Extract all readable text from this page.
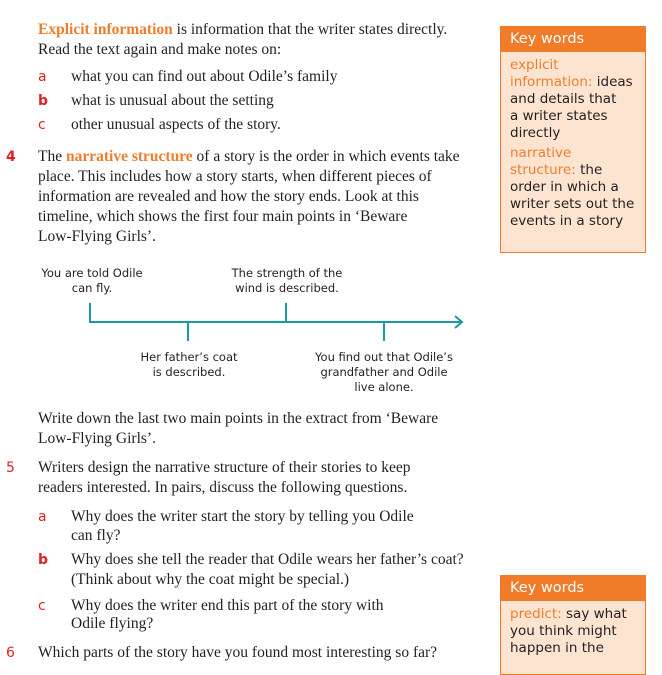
Explicit information is information that the writer states directly.
Read the text again and make notes on:
a what you can find out about Odile’s family
b what is unusual about the setting
c other unusual aspects of the story.
4 The narrative structure of a story is the order in which events take
place. This includes how a story starts, when different pieces of
information are revealed and how the story ends. Look at this
timeline, which shows the first four main points in ‘Beware
Low-Flying Girls’.
You are told Odile
can fly.
Her father’s coat
is described.
The strength of the
wind is described.
You find out that Odile’s
grandfather and Odile
live alone.
Write down the last two main points in the extract from ‘Beware
Low-Flying Girls’.
5 Writers design the narrative structure of their stories to keep
readers interested. In pairs, discuss the following questions.
a Why does the writer start the story by telling you Odile
can fly?
b Why does she tell the reader that Odile wears her father’s coat?
(Think about why the coat might be special.)
c Why does the writer end this part of the story with
Odile flying?
6 Which parts of the story have you found most interesting so far?
Key words
explicit
information: ideas
and details that
a writer states
directly
narrative
structure: the
order in which a
writer sets out the
events in a story
Key words
predict: say what
you think might
happen in the
